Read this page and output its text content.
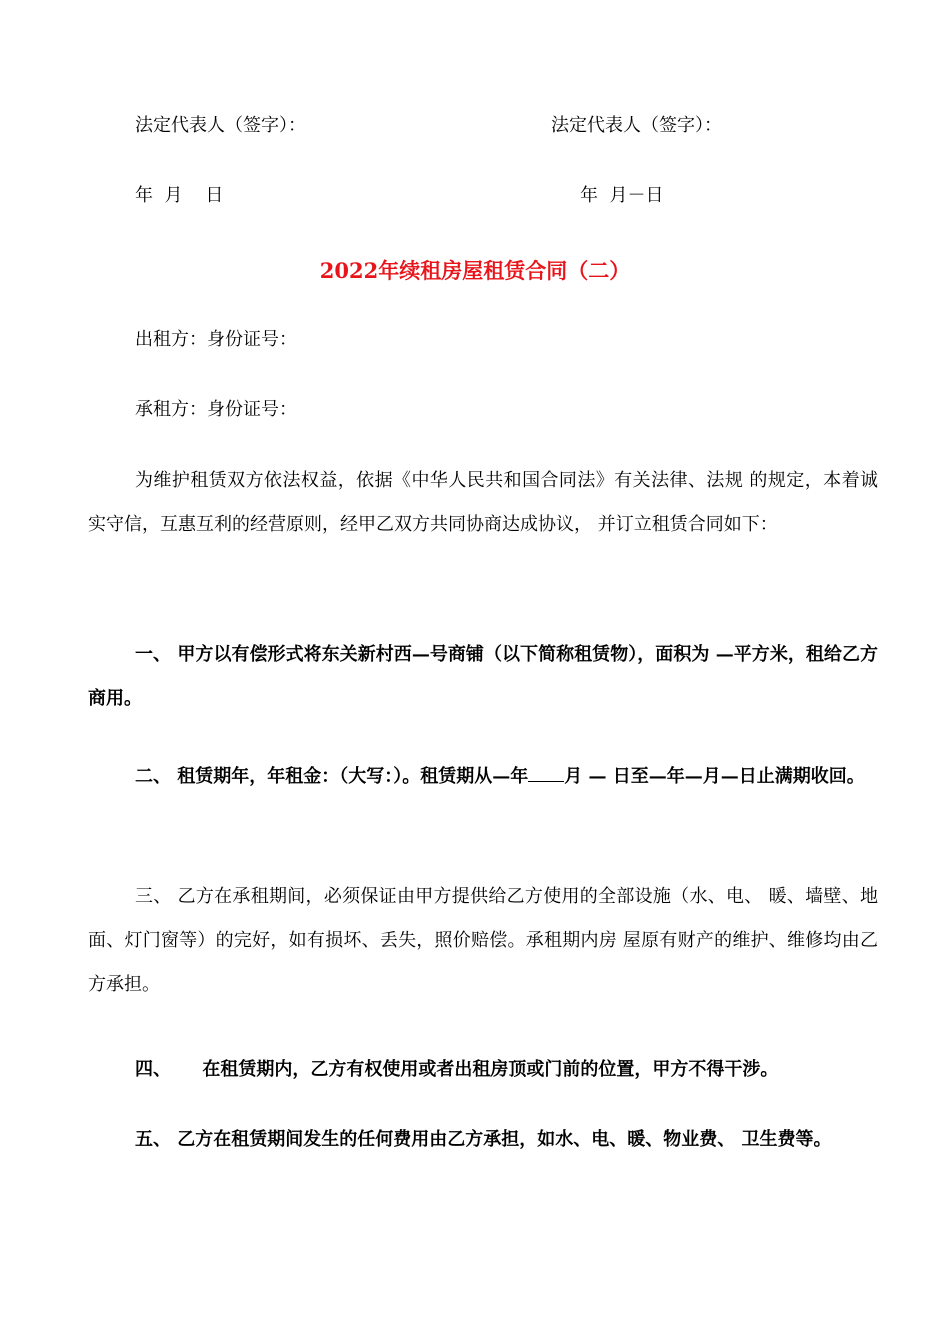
法定代表人（签字）：	法定代表人（签字）：
年  月    日	年  月－日
2022年续租房屋租赁合同（二）
出租方：身份证号：
承租方：身份证号：

为维护租赁双方依法权益，依据《中华人民共和国合同法》有关法律、法规 的规定，本着诚实守信，互惠互利的经营原则，经甲乙双方共同协商达成协议， 并订立租赁合同如下：

一、 甲方以有偿形式将东关新村西—号商铺（以下简称租赁物），面积为 —平方米，租给乙方商用。

二、 租赁期年，年租金：（大写：）。租赁期从—年 月 — 日至—年—月—日止满期收回。

三、 乙方在承租期间，必须保证由甲方提供给乙方使用的全部设施（水、电、 暖、墙壁、地面、灯门窗等）的完好，如有损坏、丢失，照价赔偿。承租期内房 屋原有财产的维护、维修均由乙方承担。

四、     在租赁期内，乙方有权使用或者出租房顶或门前的位置，甲方不得干涉。

五、 乙方在租赁期间发生的任何费用由乙方承担，如水、电、暖、物业费、 卫生费等。
